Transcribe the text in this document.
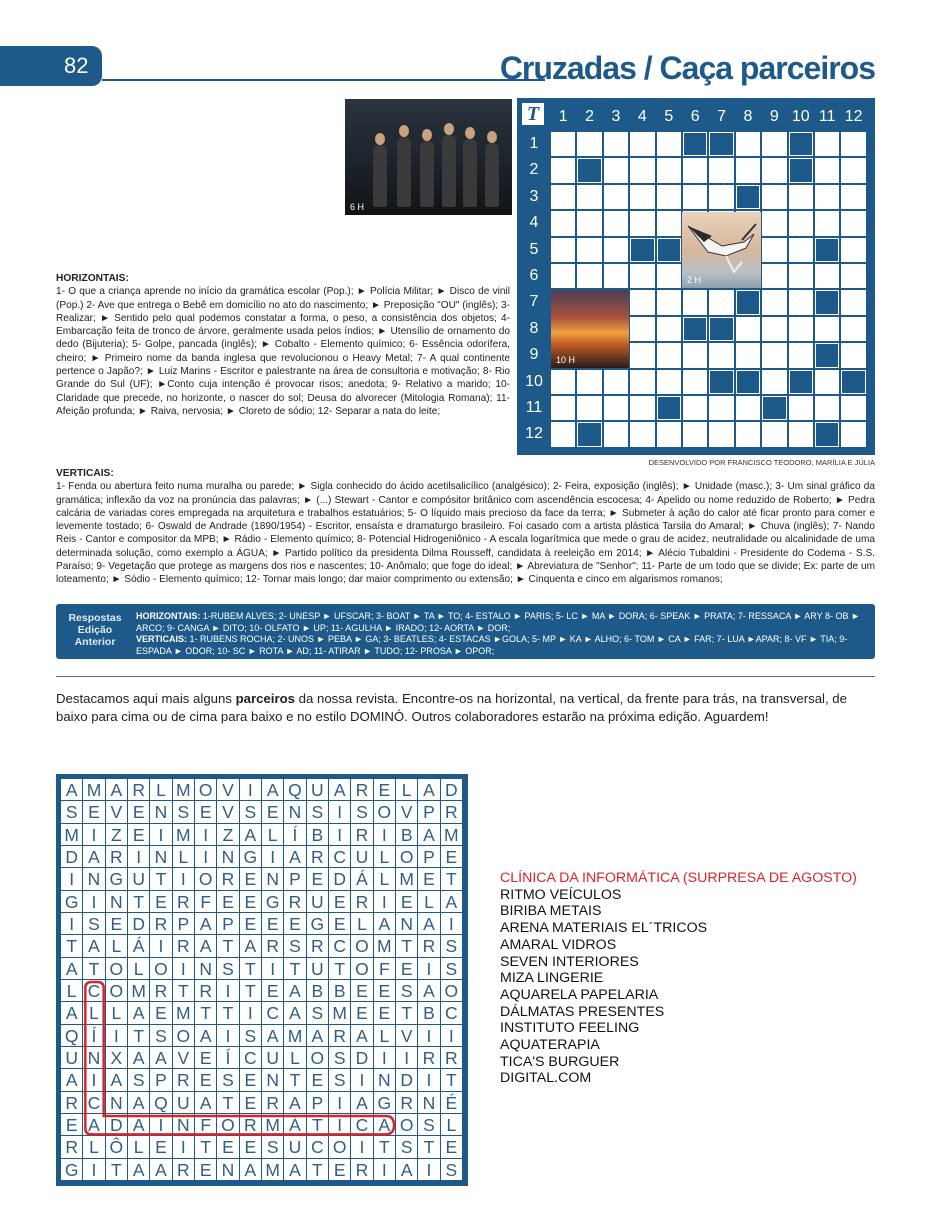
82	Cruzadas / Caça parceiros
6 H
HORIZONTAIS:
1- O que a criança aprende no início da gramática escolar (Pop.); ► Polícia Militar; ► Disco de vinil (Pop.) 2- Ave que entrega o Bebê em domicílio no ato do nascimento; ► Preposição "OU" (inglês); 3- Realizar; ► Sentido pelo qual podemos constatar a forma, o peso, a consistência dos objetos; 4- Embarcação feita de tronco de árvore, geralmente usada pelos índios; ► Utensílio de ornamento do dedo (Bijuteria); 5- Golpe, pancada (inglês); ► Cobalto - Elemento químico; 6- Essência odorífera, cheiro; ► Primeiro nome da banda inglesa que revolucionou o Heavy Metal; 7- A qual continente pertence o Japão?; ► Luiz Marins - Escritor e palestrante na área de consultoria e motivação; 8- Rio Grande do Sul (UF); ►Conto cuja intenção é provocar risos; anedota; 9- Relativo a marido; 10- Claridade que precede, no horizonte, o nascer do sol; Deusa do alvorecer (Mitologia Romana); 11- Afeição profunda; ► Raiva, nervosia; ► Cloreto de sódio; 12- Separar a nata do leite;
T	1	2	3	4	5	6	7	8	9 10 11 12
1
2
3
4
5
6
7
8
9
10
11
12
2 H
10 H
DESENVOLVIDO POR FRANCISCO TEODORO, MARÍLIA E JÚLIA
VERTICAIS:
1- Fenda ou abertura feito numa muralha ou parede; ► Sigla conhecido do ácido acetilsalicílico (analgésico); 2- Feira, exposição (inglês); ► Unidade (masc.); 3- Um sinal gráfico da gramática; inflexão da voz na pronúncia das palavras; ► (...) Stewart - Cantor e compósitor britânico com ascendência escocesa; 4- Apelido ou nome reduzido de Roberto; ► Pedra calcária de variadas cores empregada na arquitetura e trabalhos estatuários; 5- O líquido mais precioso da face da terra; ► Submeter à ação do calor até ficar pronto para comer e levemente tostado; 6- Oswald de Andrade (1890/1954) - Escritor, ensaísta e dramaturgo brasileiro. Foi casado com a artista plástica Tarsila do Amaral; ► Chuva (inglês); 7- Nando Reis - Cantor e compositor da MPB; ► Rádio - Elemento químico; 8- Potencial Hidrogeniônico - A escala logarítmica que mede o grau de acidez, neutralidade ou alcalinidade de uma determinada solução, como exemplo a ÁGUA; ► Partido político da presidenta Dilma Rousseff, candidata à reeleição em 2014; ► Alécio Tubaldini - Presidente do Codema - S.S. Paraíso; 9- Vegetação que protege as margens dos rios e nascentes; 10- Anômalo; que foge do ideal; ► Abreviatura de "Senhor"; 11- Parte de um todo que se divide; Ex: parte de um loteamento; ► Sódio - Elemento químico; 12- Tornar mais longo; dar maior comprimento ou extensão; ► Cinquenta e cinco em algarismos romanos;
Respostas
Edição
Anterior
HORIZONTAIS: 1-RUBEM ALVES; 2- UNESP ► UFSCAR; 3- BOAT ► TA ► TO; 4- ESTALO ► PARIS; 5- LC ► MA ► DORA; 6- SPEAK ► PRATA; 7- RESSACA ► ARY 8- OB ► ARCO; 9- CANGA ► DITO; 10- OLFATO ► UP; 11- AGULHA ► IRADO; 12- AORTA ► DOR;
VERTICAIS: 1- RUBENS ROCHA; 2- UNOS ► PEBA ► GA; 3- BEATLES; 4- ESTACAS ►GOLA; 5- MP ► KA ► ALHO; 6- TOM ► CA ► FAR; 7- LUA ►APAR; 8- VF ► TIA; 9- ESPADA ► ODOR; 10- SC ► ROTA ► AD; 11- ATIRAR ► TUDO; 12- PROSA ► OPOR;
Destacamos aqui mais alguns parceiros da nossa revista. Encontre-os na horizontal, na vertical, da frente para trás, na transversal, de baixo para cima ou de cima para baixo e no estilo DOMINÓ. Outros colaboradores estarão na próxima edição. Aguardem!
A M A R L M O V I A Q U A R E L A D
S E V E N S E V S E N S I S O V P R
M I Z E I M I Z A L Í B I R I B A M
D A R I N L I N G I A R C U L O P E
I N G U T I O R E N P E D Á L M E T
G I N T E R F E E G R U E R I E L A
I S E D R P A P E E E G E L A N A I
T A L Á I R A T A R S R C O M T R S
A T O L O I N S T I T U T O F E I S
L C O M R T R I T E A B B E E S A O
A L L A E M T T I C A S M E E T B C
Q Í I T S O A I S A M A R A L V I I
U N X A A V E Í C U L O S D I I R R
A I A S P R E S E N T E S I N D I T
R C N A Q U A T E R A P I A G R N É
E A D A I N F O R M Á T I C A O S L
R L Ô L E I T E E S U C O I T S T E
G I T A A R E N A M A T E R I A I S
CLÍNICA DA INFORMÁTICA (SURPRESA DE AGOSTO)
RITMO VEÍCULOS
BIRIBA METAIS
ARENA MATERIAIS EL´TRICOS
AMARAL VIDROS
SEVEN INTERIORES
MIZA LINGERIE
AQUARELA PAPELARIA
DÁLMATAS PRESENTES
INSTITUTO FEELING
AQUATERAPIA
TICA'S BURGUER
DIGITAL.COM
